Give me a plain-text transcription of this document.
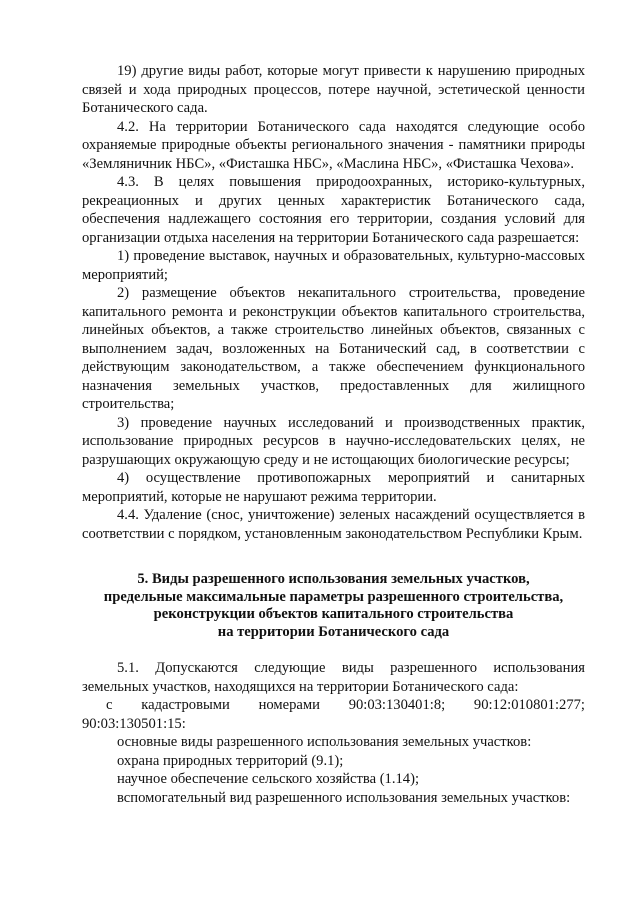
19) другие виды работ, которые могут привести к нарушению природных связей и хода природных процессов, потере научной, эстетической ценности Ботанического сада.

4.2. На территории Ботанического сада находятся следующие особо охраняемые природные объекты регионального значения - памятники природы «Земляничник НБС», «Фисташка НБС», «Маслина НБС», «Фисташка Чехова».

4.3. В целях повышения природоохранных, историко-культурных, рекреационных и других ценных характеристик Ботанического сада, обеспечения надлежащего состояния его территории, создания условий для организации отдыха населения на территории Ботанического сада разрешается:

1) проведение выставок, научных и образовательных, культурно-массовых мероприятий;

2) размещение объектов некапитального строительства, проведение капитального ремонта и реконструкции объектов капитального строительства, линейных объектов, а также строительство линейных объектов, связанных с выполнением задач, возложенных на Ботанический сад, в соответствии с действующим законодательством, а также обеспечением функционального назначения земельных участков, предоставленных для жилищного строительства;

3) проведение научных исследований и производственных практик, использование природных ресурсов в научно-исследовательских целях, не разрушающих окружающую среду и не истощающих биологические ресурсы;

4) осуществление противопожарных мероприятий и санитарных мероприятий, которые не нарушают режима территории.

4.4. Удаление (снос, уничтожение) зеленых насаждений осуществляется в соответствии с порядком, установленным законодательством Республики Крым.

5. Виды разрешенного использования земельных участков,
предельные максимальные параметры разрешенного строительства,
реконструкции объектов капитального строительства
на территории Ботанического сада

5.1. Допускаются следующие виды разрешенного использования земельных участков, находящихся на территории Ботанического сада:

с кадастровыми номерами 90:03:130401:8; 90:12:010801:277;

90:03:130501:15:

основные виды разрешенного использования земельных участков:

охрана природных территорий (9.1);

научное обеспечение сельского хозяйства (1.14);

вспомогательный вид разрешенного использования земельных участков:
